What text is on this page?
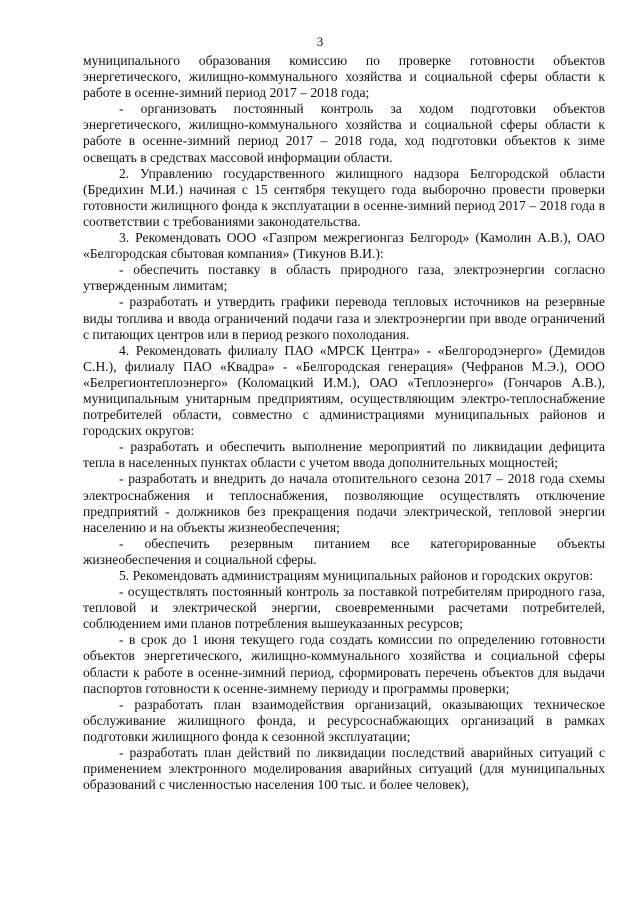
3

муниципального образования комиссию по проверке готовности объектов энергетического, жилищно-коммунального хозяйства и социальной сферы области к работе в осенне-зимний период 2017 – 2018 года;

- организовать постоянный контроль за ходом подготовки объектов энергетического, жилищно-коммунального хозяйства и социальной сферы области к работе в осенне-зимний период 2017 – 2018 года, ход подготовки объектов к зиме освещать в средствах массовой информации области.

2. Управлению государственного жилищного надзора Белгородской области (Бредихин М.И.) начиная с 15 сентября текущего года выборочно провести проверки готовности жилищного фонда к эксплуатации в осенне-зимний период 2017 – 2018 года в соответствии с требованиями законодательства.

3. Рекомендовать ООО «Газпром межрегионгаз Белгород» (Камолин А.В.), ОАО «Белгородская сбытовая компания» (Тикунов В.И.):

- обеспечить поставку в область природного газа, электроэнергии согласно утвержденным лимитам;

- разработать и утвердить графики перевода тепловых источников на резервные виды топлива и ввода ограничений подачи газа и электроэнергии при вводе ограничений с питающих центров или в период резкого похолодания.

4. Рекомендовать филиалу ПАО «МРСК Центра» - «Белгородэнерго» (Демидов С.Н.), филиалу ПАО «Квадра» - «Белгородская генерация» (Чефранов М.Э.), ООО «Белрегионтеплоэнерго» (Коломацкий И.М.), ОАО «Теплоэнерго» (Гончаров А.В.), муниципальным унитарным предприятиям, осуществляющим электро-теплоснабжение потребителей области, совместно с администрациями муниципальных районов и городских округов:

- разработать и обеспечить выполнение мероприятий по ликвидации дефицита тепла в населенных пунктах области с учетом ввода дополнительных мощностей;

- разработать и внедрить до начала отопительного сезона 2017 – 2018 года схемы электроснабжения и теплоснабжения, позволяющие осуществлять отключение предприятий - должников без прекращения подачи электрической, тепловой энергии населению и на объекты жизнеобеспечения;

- обеспечить резервным питанием все категорированные объекты жизнеобеспечения и социальной сферы.

5. Рекомендовать администрациям муниципальных районов и городских округов:

- осуществлять постоянный контроль за поставкой потребителям природного газа, тепловой и электрической энергии, своевременными расчетами потребителей, соблюдением ими планов потребления вышеуказанных ресурсов;

- в срок до 1 июня текущего года создать комиссии по определению готовности объектов энергетического, жилищно-коммунального хозяйства и социальной сферы области к работе в осенне-зимний период, сформировать перечень объектов для выдачи паспортов готовности к осенне-зимнему периоду и программы проверки;

- разработать план взаимодействия организаций, оказывающих техническое обслуживание жилищного фонда, и ресурсоснабжающих организаций в рамках подготовки жилищного фонда к сезонной эксплуатации;

- разработать план действий по ликвидации последствий аварийных ситуаций с применением электронного моделирования аварийных ситуаций (для муниципальных образований с численностью населения 100 тыс. и более человек),
